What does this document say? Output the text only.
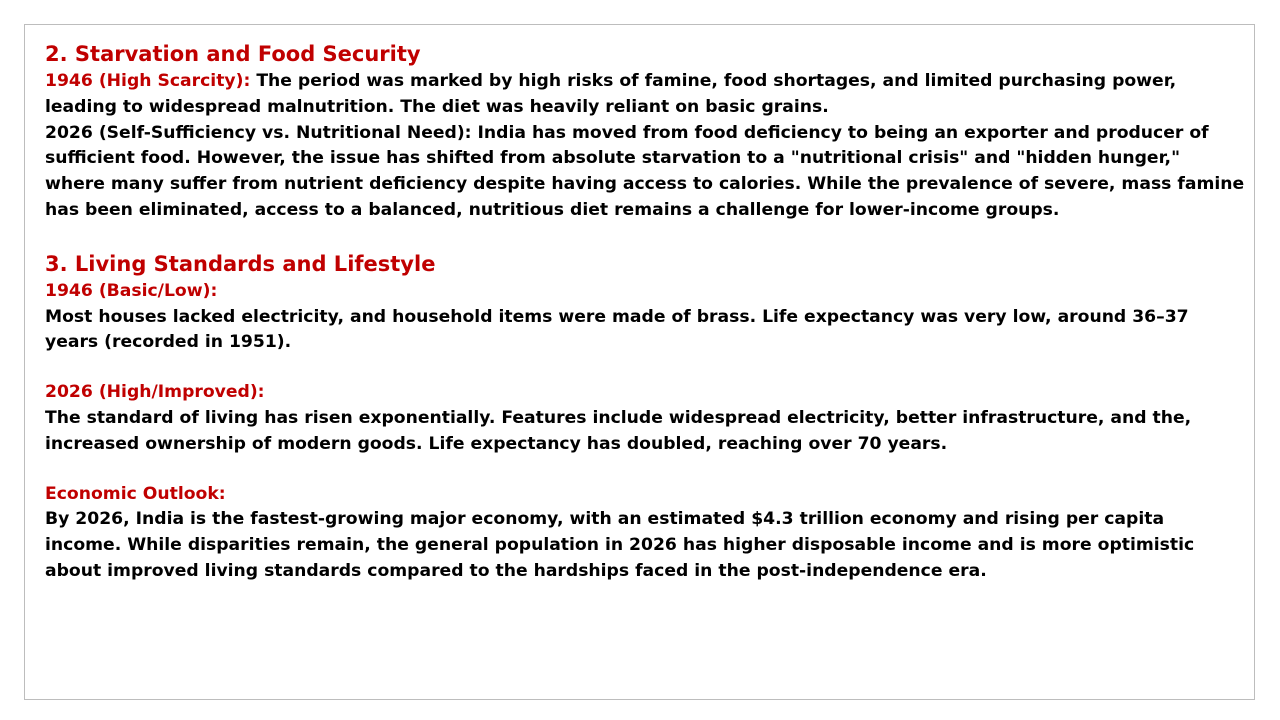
2. Starvation and Food Security
1946 (High Scarcity): The period was marked by high risks of famine, food shortages, and limited purchasing power, leading to widespread malnutrition. The diet was heavily reliant on basic grains.
2026 (Self-Sufficiency vs. Nutritional Need): India has moved from food deficiency to being an exporter and producer of sufficient food. However, the issue has shifted from absolute starvation to a "nutritional crisis" and "hidden hunger," where many suffer from nutrient deficiency despite having access to calories. While the prevalence of severe, mass famine has been eliminated, access to a balanced, nutritious diet remains a challenge for lower-income groups.
3. Living Standards and Lifestyle
1946 (Basic/Low):
Most houses lacked electricity, and household items were made of brass. Life expectancy was very low, around 36–37 years (recorded in 1951).
2026 (High/Improved):
The standard of living has risen exponentially. Features include widespread electricity, better infrastructure, and the, increased ownership of modern goods. Life expectancy has doubled, reaching over 70 years.
Economic Outlook:
By 2026, India is the fastest-growing major economy, with an estimated $4.3 trillion economy and rising per capita income. While disparities remain, the general population in 2026 has higher disposable income and is more optimistic about improved living standards compared to the hardships faced in the post-independence era.
